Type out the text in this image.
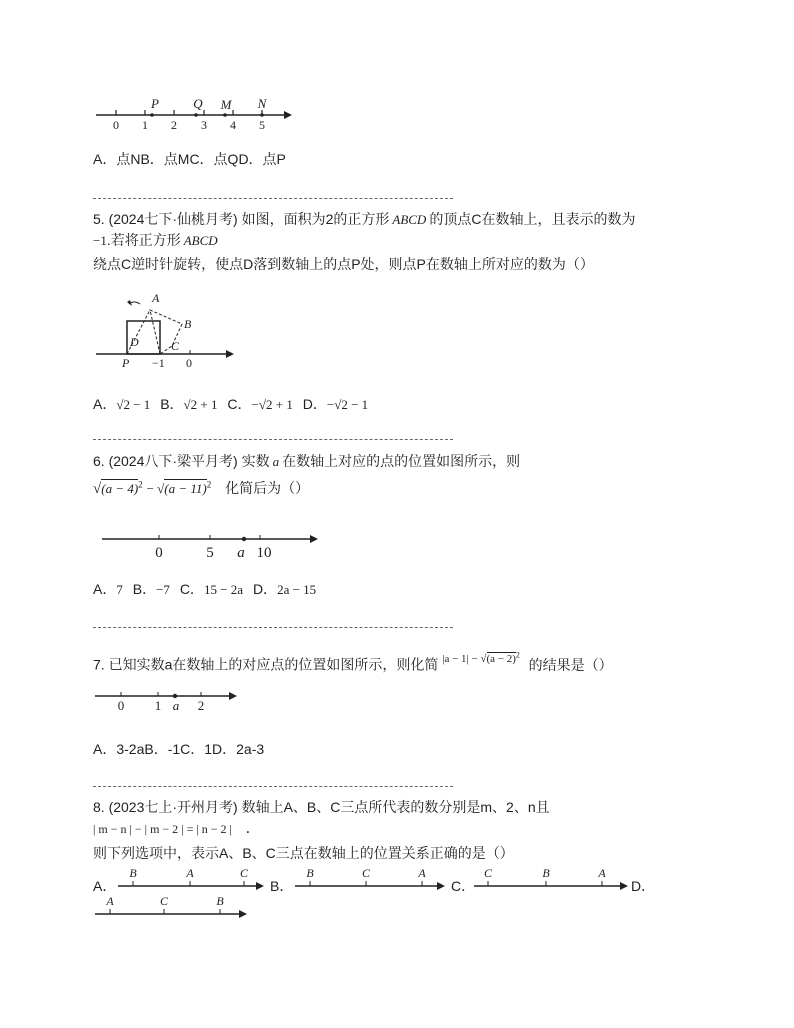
0 1 2 3 4 5
P	Q M N
A．点NB．点MC．点QD．点P
5. (2024七下·仙桃月考) 如图，面积为2的正方形 ABCD 的顶点C在数轴上，且表示的数为
−1.若将正方形 ABCD
绕点C逆时针旋转，使点D落到数轴上的点P处，则点P在数轴上所对应的数为（）
A
B
C
D
P −1 0
A．√2 − 1 B．√2 + 1 C．−√2 + 1 D．−√2 − 1
6. (2024八下·梁平月考) 实数 a 在数轴上对应的点的位置如图所示，则
$√(a - 4)^2 - √(a - 11)^2$ 化简后为（）
0	5 a 10
A．7 B．−7 C．15 − 2a D．2a − 15
7. 已知实数a在数轴上的对应点的位置如图所示，则化简 $^{|a - 1| - √(a - 2)^2}$ 的结果是（）
0 1 a 2
A．3-2aB．-1C．1D．2a-3
8. (2023七上·开州月考) 数轴上A、B、C三点所代表的数分别是m、2、n且
| m − n | − | m − 2 | = | n − 2 | .
则下列选项中，表示A、B、C三点在数轴上的位置关系正确的是（）
A．
B	A	C
B．
B	C	A
C．
C	B	A
D．
A	C	B
